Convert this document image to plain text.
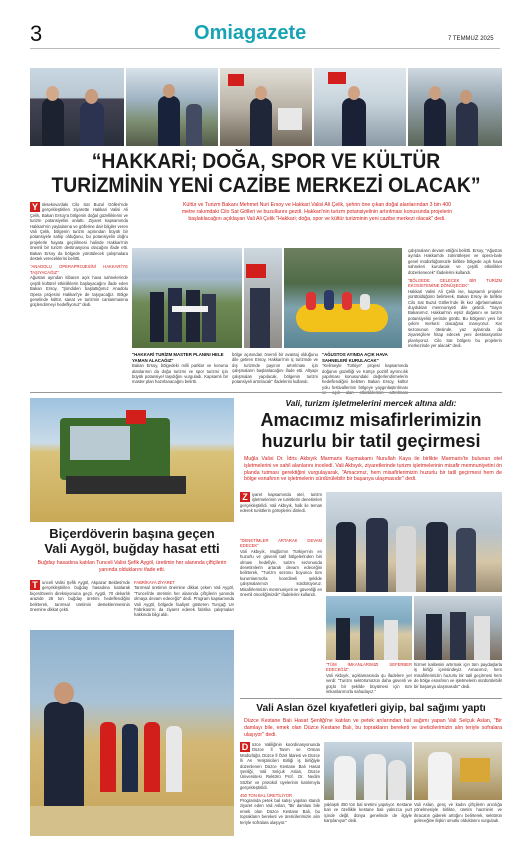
3	Omiagazete	7 TEMMUZ 2025
“HAKKARİ; DOĞA, SPOR VE KÜLTÜR
TURİZMİNİN YENİ CAZİBE MERKEZİ OLACAK”
Kültür ve Turizm Bakanı Mehmet Nuri Ersoy ve Hakkari Valisi Ali Çelik, şehrin öne çıkan doğal alanlarından 3 bin 400
metre rakımdaki Cilo Sat Gölleri ve buzullarını gezdi. Hakkari'nin turizm potansiyelinin artırılması konusunda projelerin
başlatılacağını açıklayan Vali Ali Çelik "Hakkari; doğa, spor ve kültür turizminin yeni cazibe merkezi olacak" dedi.
Y üksekova'daki Cilo Sat Buzul Gölleri'nde gerçekleştirilen ziyarette Hakkari Valisi Ali Çelik, Bakan Ersoy'a bölgenin doğal güzelliklerini ve turizm potansiyelini anlattı. Ziyaret kapsamında Hakkari'nin yaylalarına ve göllerine dair bilgiler veren Vali Çelik, bölgenin turizm açısından büyük bir potansiyele sahip olduğunu, bu potansiyelin doğru projelerle hayata geçirilmesi halinde Hakkari'nin önemli bir turizm destinasyonu olacağını ifade etti. Bakan Ersoy da bölgede yürütülecek çalışmalara destek vereceklerini belirtti.
"ANADOLU OPERAPROJESİNİ HAKKARİ'YE TAŞIYACAĞIZ"
Ağustos ayından itibaren açık hava sahnelerinde çeşitli kültürel etkinliklerin başlayacağını ifade eden Bakan Ersoy, "Şimdiden başlattığımız Anadolu Opera projesini Hakkari'ye de taşıyacağız. Bölge genelinde kültür, sanat ve turizmin canlanmasına güçlendirmeyi hedefliyoruz" dedi.
"HAKKARİ TURİZM MASTER PLANINI HELE YAMAN ALACAĞIZ"
Bakan Ersoy, bölgedeki milli parklar ve koruma alanlarının da doğa turizmi ve spor turizmi için büyük potansiyel taşıdığını vurguladı. Kapsamlı bir master plan hazırlanacağını belirtti.
bölge açısından önemli bir avantaj olduğunu dile getiren Ersoy, Hakkari'nin iç turizmde ve dış turizmde payının artırılması için çalışmaların başlatılacağını ifade etti. Altyapı çalışmaları yapılacak, bölgenin turizm potansiyeli artırılacak" ifadelerini kullandı.
"AĞUSTOS AYINDA AÇIK HAVA SAHNELERİ KURULACAK"
"Kelimeyle Türkiye" projesi kapsamında doğanın güzelliği ve Kürtçe pozitif ayrımcılık yapılması konusundaki değerlendirmelerin hedeflendiğini belirten Bakan Ersoy, kültür yolu festivallerinin bölgeye yaygınlaştırılması
çalışmaların devam ettiğini belirtti. Ersoy, "Ağustos ayında Hakkari'de zümrütleşen ve opera-bale genel müdürlüğümüzle birlikte bölgede açık hava sahneleri kurulacak ve çeşitli etkinlikler düzenlenecek" ifadelerini kullandı.
"BÖLGEDE GELECEK BİR TURİZM EKOSİSTEMİNE DÖNÜŞECEK"
Hakkari Valisi Ali Çelik ise, kapsamlı projeler yürütüldüğünü belirterek, Bakan Ersoy ile birlikte Cilo Sat Buzul Gölleri'nde ilk kez ağırlanmaktan duydukları memnuniyeti dile getirdi. "Sayın Bakanımız, Hakkari'nin eşsiz doğasını ve turizm potansiyelini yerinde gördü. Bu bölgenin yeni bir çekim merkezi olacağına inanıyoruz. Kar sezonunun ötesinde, yaz aylarında da ziyaretçilere hitap edecek yeni destinasyonlar planlıyoruz. Cilo Sat bölgesi bu projelerin merkezinde yer alacak" dedi.
Biçerdöverin başına geçen
Vali Aygöl, buğday hasat etti
Buğday hasadına katılan Tunceli Valisi Şefik Aygöl, üretimin her alanında çiftçilerin yanında olduklarını ifade etti.
T	unceli Valisi Şefik Aygöl, Akpazar Beldesi'nde gerçekleştirilen buğday hasadına katılarak biçerdöverin direksiyonuna geçti. Aygöl, 70 dekarlık arazide 28 ton buğday üretimi hedeflendiğini belirterek, tarımsal üretimin desteklenmesinin önemine dikkat çekti.
FABRİKAYA ZİYARET
Tarımsal üretimin önemine dikkat çeken Vali Aygöl, "Tunceli'de üretimin her alanında çiftçilerin yanında olmaya devam edeceğiz" dedi. Program kapsamında Vali Aygöl, bölgede faaliyet gösteren Tunçağ Un Fabrikası'nı da ziyaret ederek fabrika çalışmaları hakkında bilgi aldı.
Vali, turizm işletmelerini mercek altına aldı:
Amacımız misafirlerimizin
huzurlu bir tatil geçirmesi
Muğla Valisi Dr. İdris Akbıyık Marmaris Kaymakamı Nurullah Kaya ile birlikte Marmaris'te bulunan otel işletmelerini ve sahil alanlarını inceledi. Vali Akbıyık, ziyaretlerinde turizm işletmelerinin misafir memnuniyetini ön planda tutması gerektiğini vurgulayarak, "Amacımız, hem misafirlerimizin huzurlu bir tatil geçirmesi hem de bölge esnafının ve işletmelerin sürdürülebilir bir başarıya ulaşmasıdır" dedi.
Z	iyaret kapsamında otel, turizm işletmelerinin ve turistlerin denetimleri gerçekleştirildi. Vali Akbıyık, halk ile temas ederek turistlerin görüşlerini dinledi.
"DENETİMLER ARTARAK DEVAM EDECEK"
Vali Akbıyık, Muğla'nın Türkiye'nin en huzurlu ve güvenli tatil bölgelerinden biri olması hedefiyle, turizm sezonunda denetimlerin artarak devam edeceğini belirterek, "Turizm sezonu boyunca tüm kurumlarımızla koordineli şekilde çalışmalarımızı sürdürüyoruz. Misafirlerimizin memnuniyeti ve güvenliği en önemli önceliğimizdir" ifadelerini kullandı.
"TÜM İMKANLARIMIZI SEFERBER EDECEĞİZ"
Vali Akbıyık, açıklamasında şu ifadelere yer verdi: "Turizm sektörümüzün daha güvenli ve güçlü bir şekilde büyümesi için tüm imkanlarımızla sahadayız."
hizmet kalitesini artırmak için tüm paydaşlarla iş birliği içerisindeyiz. Amacımız, hem misafirlerimizin huzurlu bir tatil geçirmesi hem de bölge esnafının ve işletmelerin sürdürülebilir bir başarıya ulaşmasıdır" dedi.
Vali Aslan özel kıyafetleri giyip, bal sağımı yaptı
Düzce Kestane Balı Hasat Şenliği'ne katılan ve petek arılarından bal sağımı yapan Vali Selçuk Aslan, "Bir damlayı bile, emek olan Düzce Kestane Balı, bu toprakların bereketi ve üreticilerimizin alın teriyle sofralara ulaşıyor" dedi.
D üzce Valiliğinin koordinasyonunda Düzce İl Tarım ve Orman Müdürlüğü, Düzce İl Özel İdaresi ve Düzce İli Arı Yetiştiricileri Birliği iş birliğiyle düzenlenen Düzce Kestane Balı Hasat Şenliği, Vali Selçuk Aslan, Düzce Üniversitesi Rektörü Prof. Dr. Nedim Sözbir ve protokol üyelerinin katılımıyla gerçekleştirildi.
450 TON BAL ÜRETİLİYOR
Programda petek bal satışı yapılan standı ziyaret eden Vali Aslan, "Bir damlası bile emek olan Düzce Kestane Balı, bu toprakların bereketi ve üreticilerimizin alın teriyle sofralara ulaşıyor."
yaklaşık 450 ton bal üretimi yapılıyor. Kestane balı ve özellikle kestane balı yalnızca yurt içinde değil, dünya genelinde de ilgiyle karşılanıyor" dedi.
Vali Aslan, genç ve kadın çiftçilerin arıcılığa yönelmesiyle birlikte, üretim hacminin ve ihracatın giderek arttığını belirterek, sektörün geleceğine ilişkin umutlu olduklarını vurguladı.
